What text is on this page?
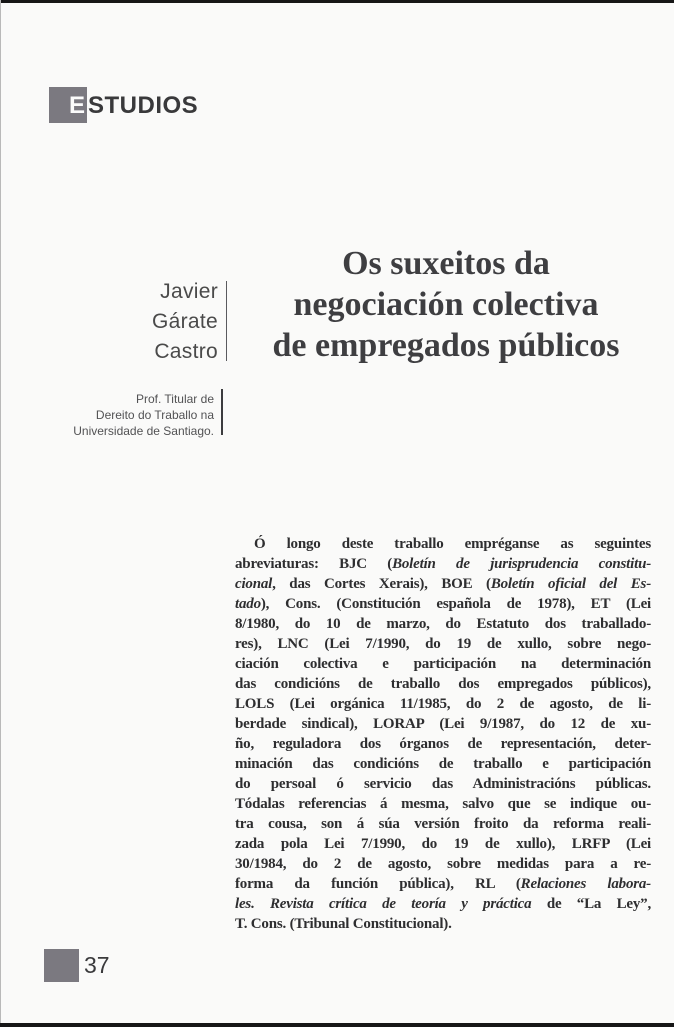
E STUDIOS
Javier
Gárate
Castro
Os suxeitos da
negociación colectiva
de empregados públicos
Prof. Titular de
Dereito do Traballo na
Universidade de Santiago.
Ó longo deste traballo empréganse as seguintes
abreviaturas: BJC (Boletín de jurisprudencia constitu-
cional, das Cortes Xerais), BOE (Boletín oficial del Es-
tado), Cons. (Constitución española de 1978), ET (Lei
8/1980, do 10 de marzo, do Estatuto dos traballado-
res), LNC (Lei 7/1990, do 19 de xullo, sobre nego-
ciación colectiva e participación na determinación
das condicións de traballo dos empregados públicos),
LOLS (Lei orgánica 11/1985, do 2 de agosto, de li-
berdade sindical), LORAP (Lei 9/1987, do 12 de xu-
ño, reguladora dos órganos de representación, deter-
minación das condicións de traballo e participación
do persoal ó servicio das Administracións públicas.
Tódalas referencias á mesma, salvo que se indique ou-
tra cousa, son á súa versión froito da reforma reali-
zada pola Lei 7/1990, do 19 de xullo), LRFP (Lei
30/1984, do 2 de agosto, sobre medidas para a re-
forma da función pública), RL (Relaciones labora-
les. Revista crítica de teoría y práctica de “La Ley”,
T. Cons. (Tribunal Constitucional).
37
